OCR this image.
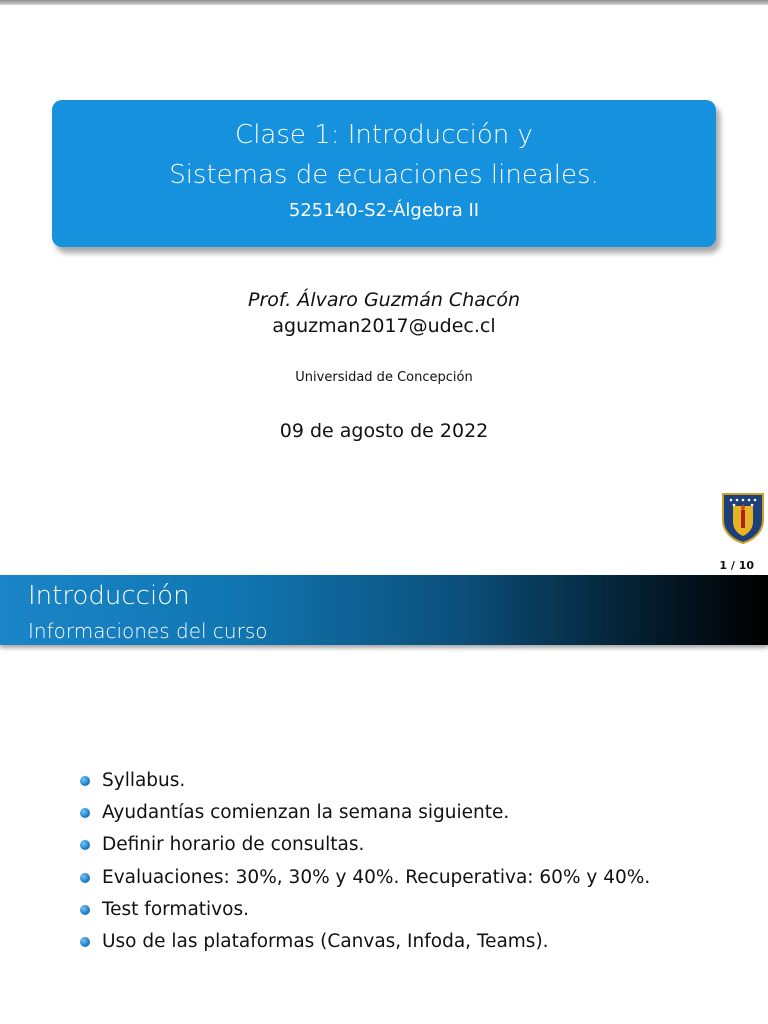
Clase 1: Introducción y
Sistemas de ecuaciones lineales.
525140-S2-Álgebra II
Prof. Álvaro Guzmán Chacón
aguzman2017@udec.cl
Universidad de Concepción
09 de agosto de 2022
1 / 10
Introducción
Informaciones del curso
Syllabus.
Ayudantías comienzan la semana siguiente.
Definir horario de consultas.
Evaluaciones: 30%, 30% y 40%. Recuperativa: 60% y 40%.
Test formativos.
Uso de las plataformas (Canvas, Infoda, Teams).
